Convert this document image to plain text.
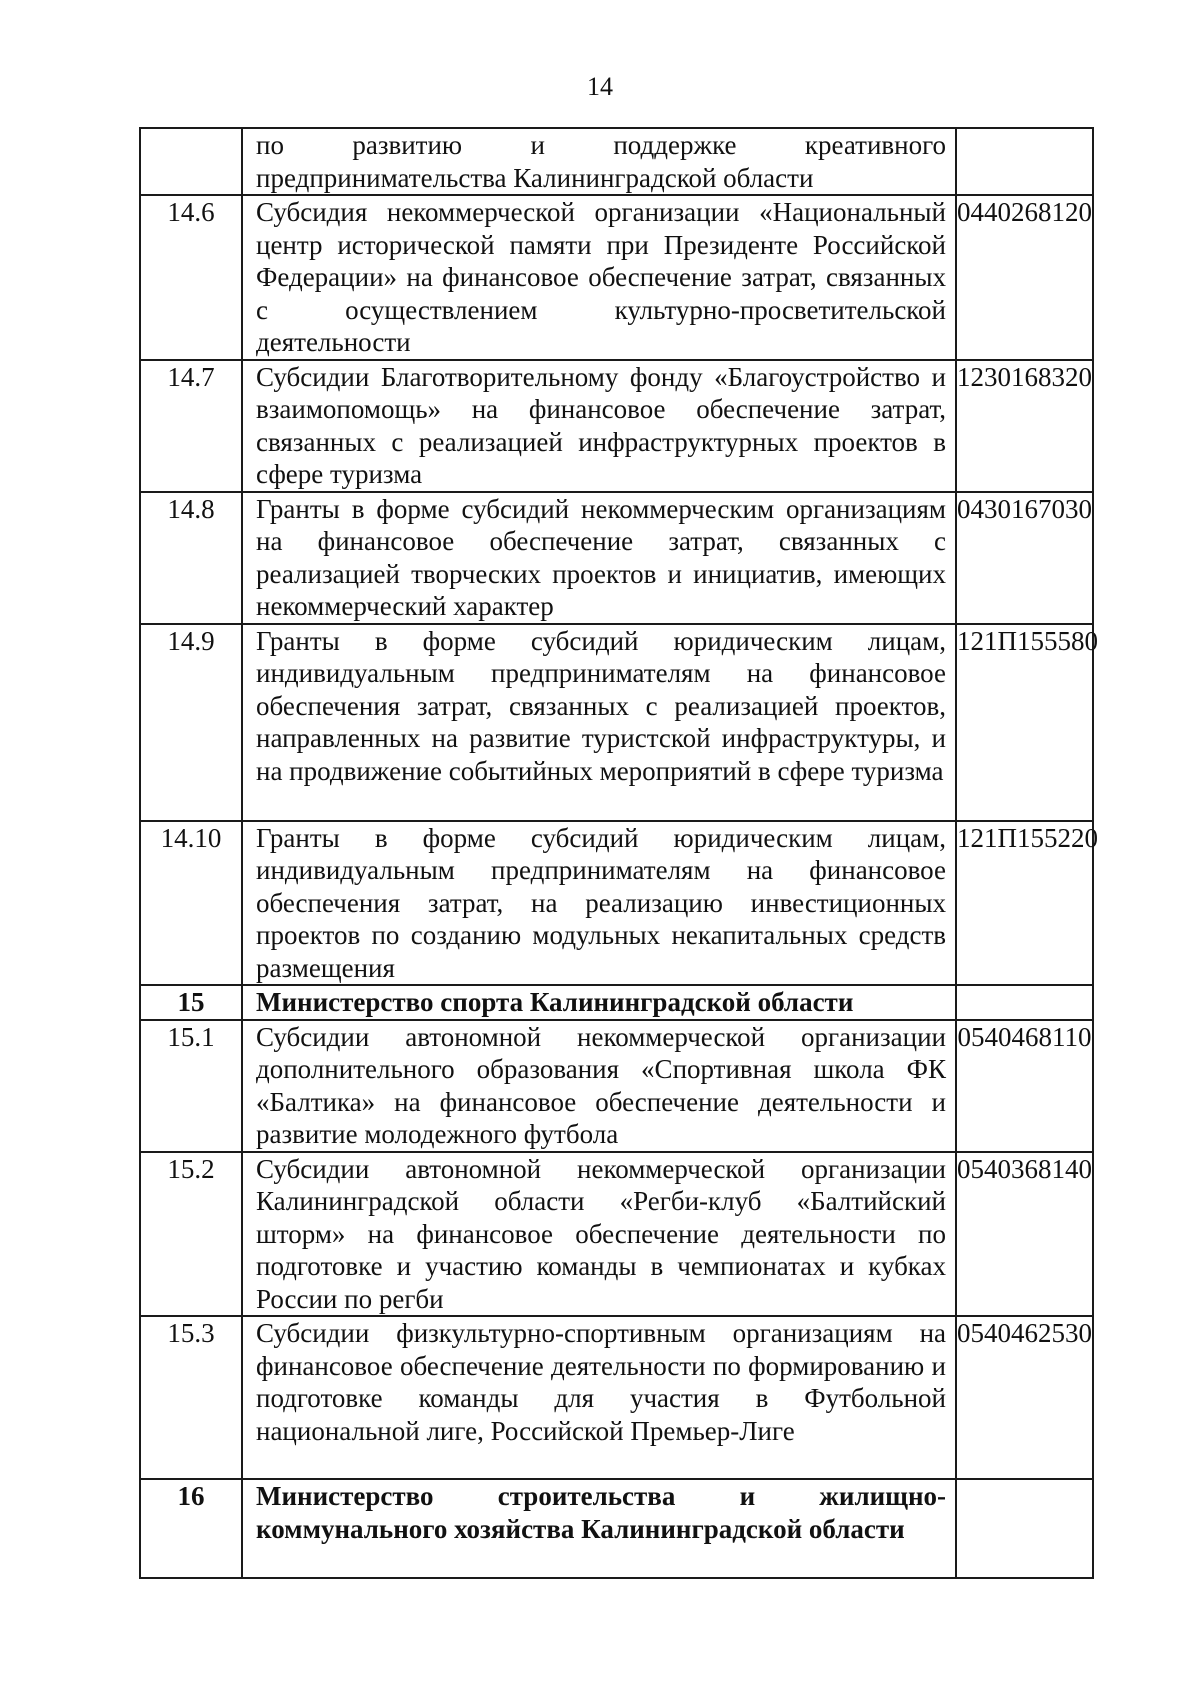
14
	по развитию и поддержке креативного предпринимательства Калининградской области	
14.6	Субсидия некоммерческой организации «Национальный центр исторической памяти при Президенте Российской Федерации» на финансовое обеспечение затрат, связанных с осуществлением культурно-просветительской деятельности	0440268120
14.7	Субсидии Благотворительному фонду «Благоустройство и взаимопомощь» на финансовое обеспечение затрат, связанных с реализацией инфраструктурных проектов в сфере туризма	1230168320
14.8	Гранты в форме субсидий некоммерческим организациям на финансовое обеспечение затрат, связанных с реализацией творческих проектов и инициатив, имеющих некоммерческий характер	0430167030
14.9	Гранты в форме субсидий юридическим лицам, индивидуальным предпринимателям на финансовое обеспечения затрат, связанных с реализацией проектов, направленных на развитие туристской инфраструктуры, и на продвижение событийных мероприятий в сфере туризма	121П155580
14.10	Гранты в форме субсидий юридическим лицам, индивидуальным предпринимателям на финансовое обеспечения затрат, на реализацию инвестиционных проектов по созданию модульных некапитальных средств размещения	121П155220
15	Министерство спорта Калининградской области	
15.1	Субсидии автономной некоммерческой организации дополнительного образования «Спортивная школа ФК «Балтика» на финансовое обеспечение деятельности и развитие молодежного футбола	0540468110
15.2	Субсидии автономной некоммерческой организации Калининградской области «Регби-клуб «Балтийский шторм» на финансовое обеспечение деятельности по подготовке и участию команды в чемпионатах и кубках России по регби	0540368140
15.3	Субсидии физкультурно-спортивным организациям на финансовое обеспечение деятельности по формированию и подготовке команды для участия в Футбольной национальной лиге, Российской Премьер-Лиге	0540462530
16	Министерство строительства и жилищно-коммунального хозяйства Калининградской области	
